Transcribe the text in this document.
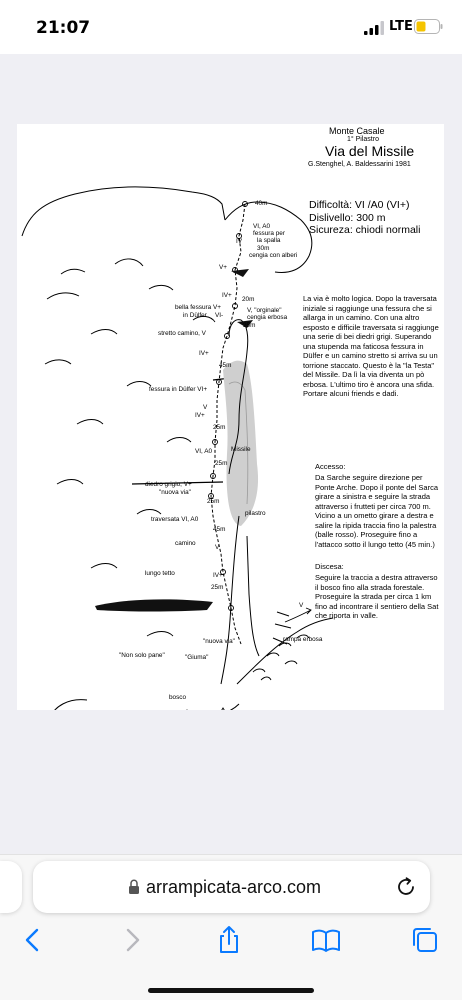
21:07	LTE
Monte Casale
1° Pilastro
Via del Missile
G.Stenghel, A. Baldessarini 1981
Difficoltà: VI /A0 (VI+)
Dislivello: 300 m
Sicureza: chiodi normali

La via è molto logica. Dopo la traversata iniziale si raggiunge una fessura che si allarga in un camino. Con una altro esposto e difficile traversata si raggiunge una serie di bei diedri grigi. Superando una stupenda ma faticosa fessura in Dülfer e un camino stretto si arriva su un torrione staccato. Questo è la "la Testa" del Missile. Da lì la via diventa un pò erbosa. L'ultimo tiro è ancora una sfida. Portare alcuni friends e dadi.

Accesso:

Da Sarche seguire direzione per Ponte Arche. Dopo il ponte del Sarca girare a sinistra e seguire la strada attraverso i frutteti per circa 700 m. Vicino a un ometto girare a destra e salire la ripida traccia fino la palestra (balle rosso). Proseguire fino a l'attacco sotto il lungo tetto (45 min.)

Discesa:

Seguire la traccia a destra attraverso il bosco fino alla strada forestale. Proseguire la strada per circa 1 km fino ad incontrare il sentiero della Sat che riporta in valle.

40m
VI, A0
fessura per
la spalla
IV
30m
cengia con alberi
V+
IV+
20m
V, "orginale"
cengia erbosa
25m
bella fessura V+
in Dülfer VI-
stretto camino, V
IV+
45m
fessura in Dülfer VI+
V
IV+
25m
VI, A0	Missile
25m
diedro grigio, V+
"nuova via"
25m
traversata VI, A0
45m
pilastro
camino
V
lungo tetto	IV+
25m
V
"nuova via"	rampa erbosa
"Non solo pane"	"Giuma"
bosco
arrampicata-arco.com
